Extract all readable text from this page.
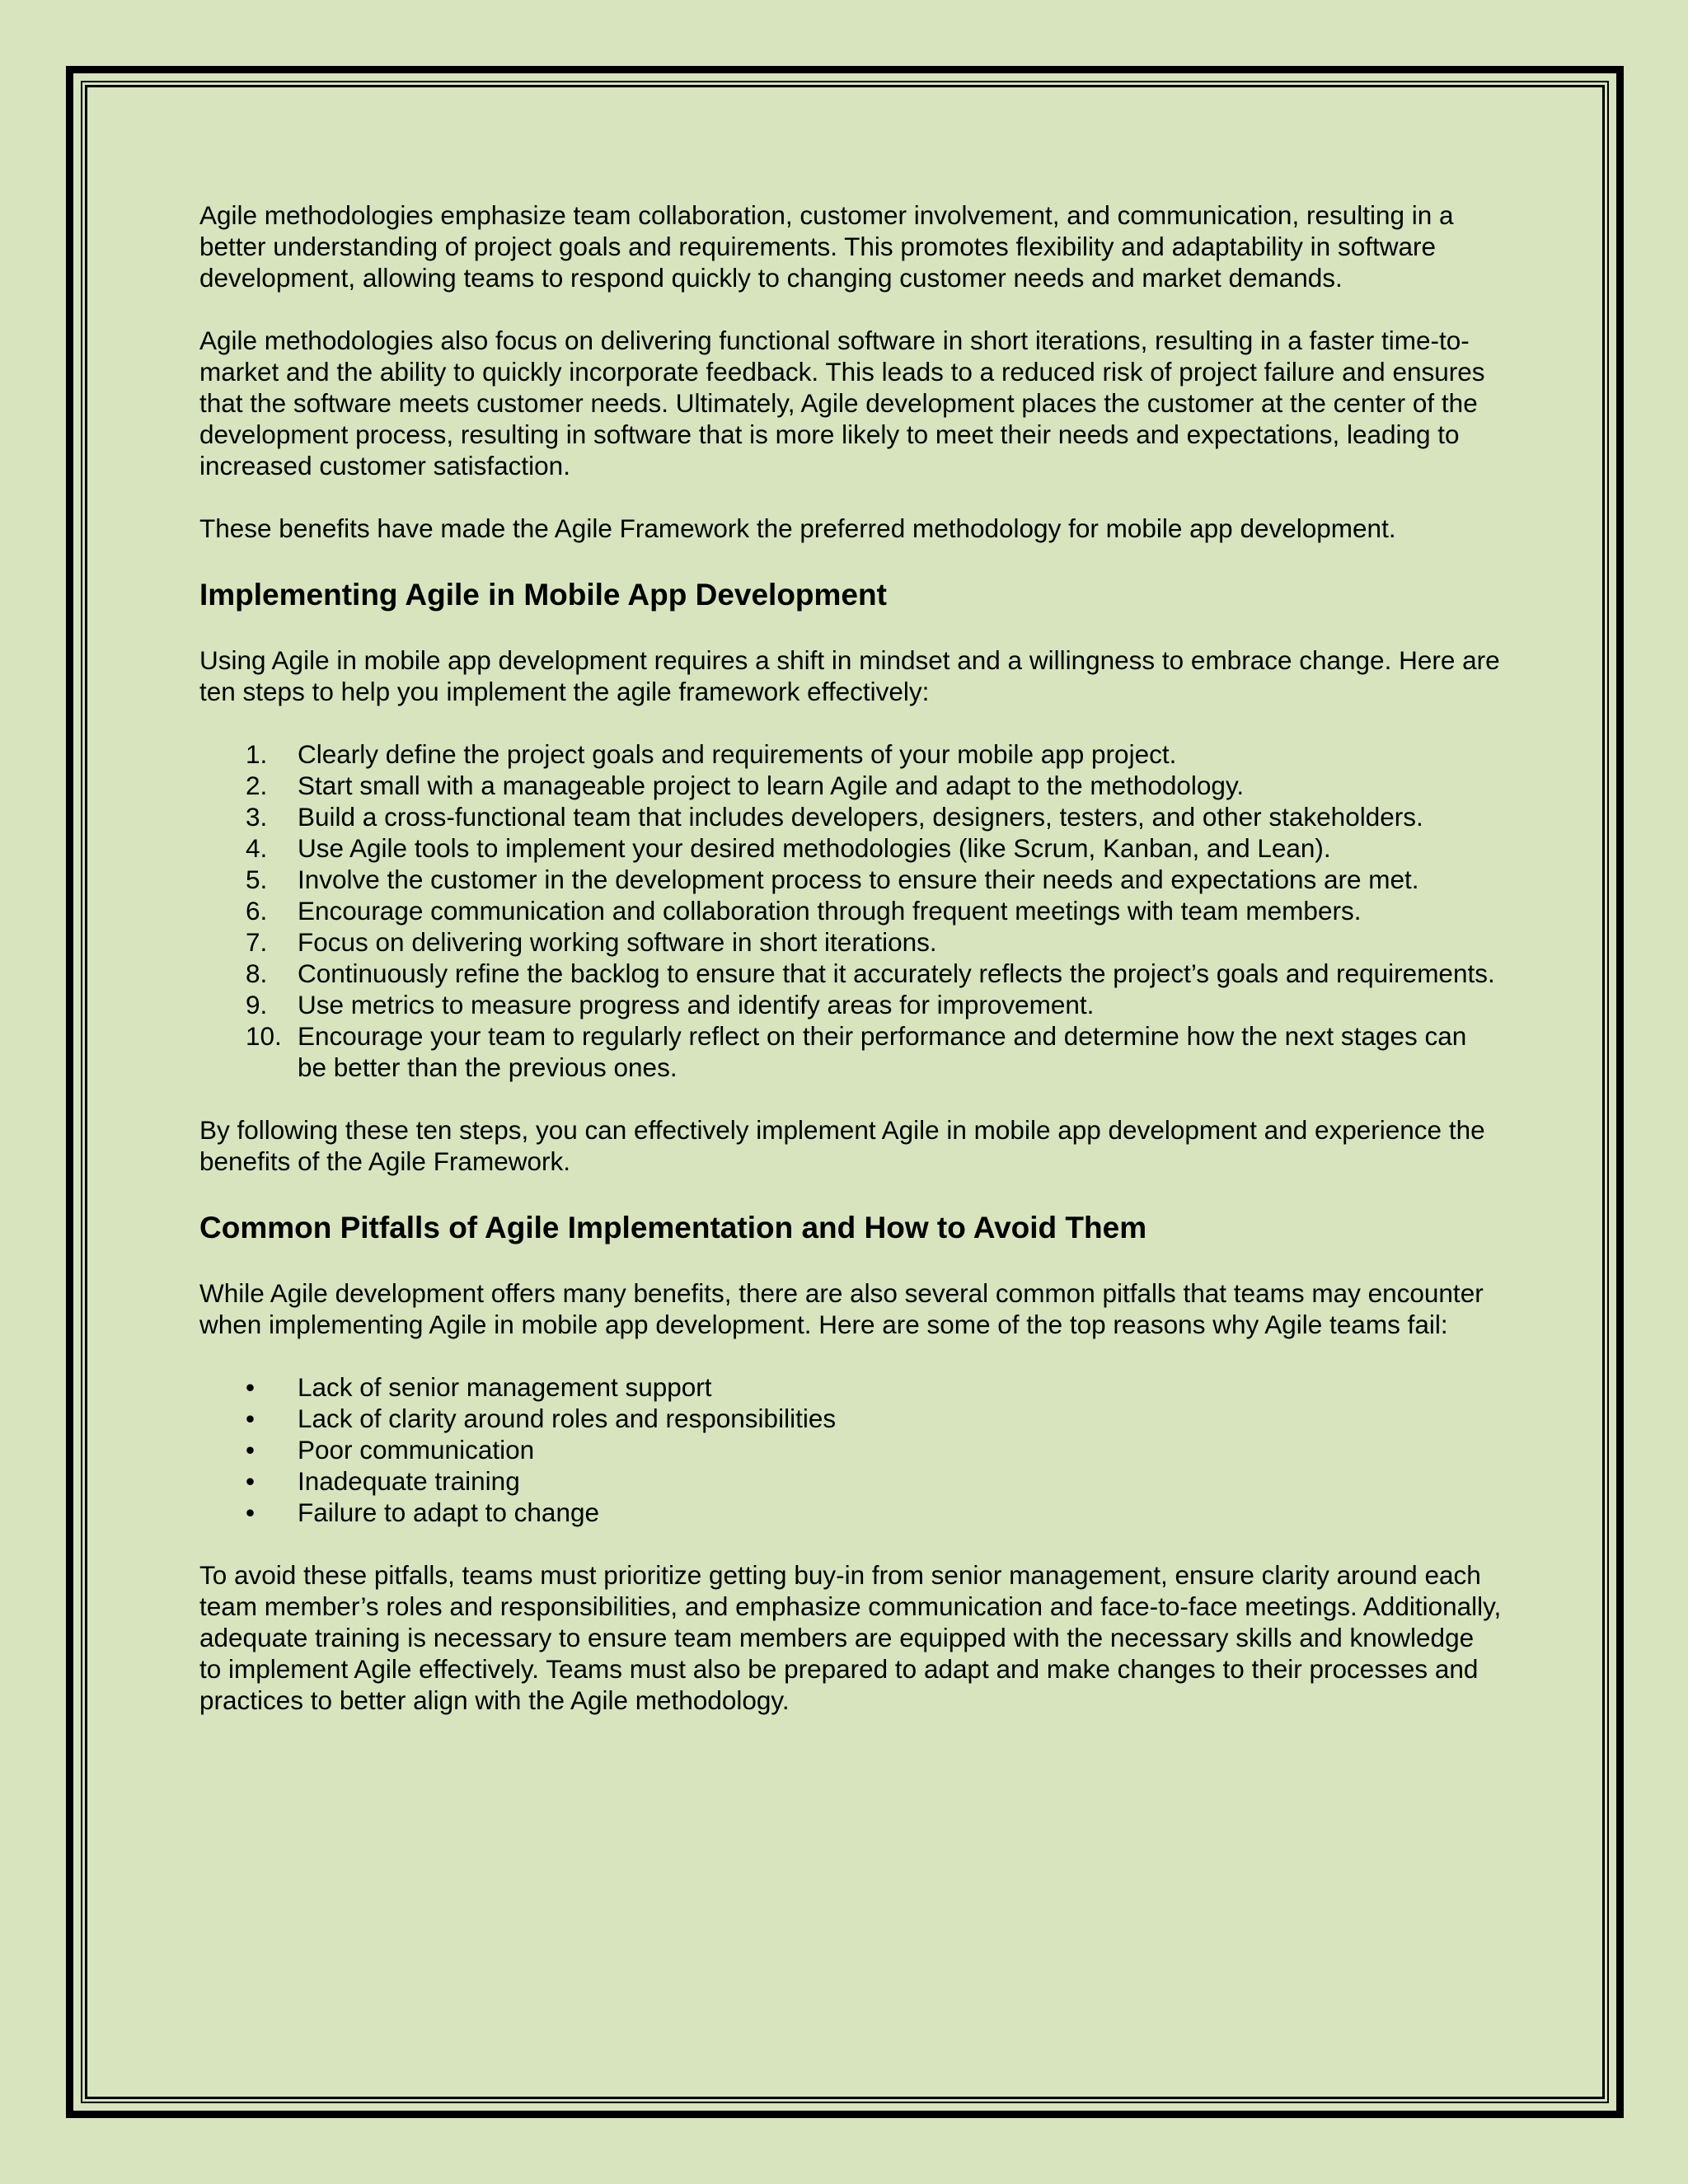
Agile methodologies emphasize team collaboration, customer involvement, and communication, resulting in a better understanding of project goals and requirements. This promotes flexibility and adaptability in software development, allowing teams to respond quickly to changing customer needs and market demands.

Agile methodologies also focus on delivering functional software in short iterations, resulting in a faster time-to-market and the ability to quickly incorporate feedback. This leads to a reduced risk of project failure and ensures that the software meets customer needs. Ultimately, Agile development places the customer at the center of the development process, resulting in software that is more likely to meet their needs and expectations, leading to increased customer satisfaction.

These benefits have made the Agile Framework the preferred methodology for mobile app development.

Implementing Agile in Mobile App Development

Using Agile in mobile app development requires a shift in mindset and a willingness to embrace change. Here are ten steps to help you implement the agile framework effectively:

1. Clearly define the project goals and requirements of your mobile app project.
2. Start small with a manageable project to learn Agile and adapt to the methodology.
3. Build a cross-functional team that includes developers, designers, testers, and other stakeholders.
4. Use Agile tools to implement your desired methodologies (like Scrum, Kanban, and Lean).
5. Involve the customer in the development process to ensure their needs and expectations are met.
6. Encourage communication and collaboration through frequent meetings with team members.
7. Focus on delivering working software in short iterations.
8. Continuously refine the backlog to ensure that it accurately reflects the project’s goals and requirements.
9. Use metrics to measure progress and identify areas for improvement.
10. Encourage your team to regularly reflect on their performance and determine how the next stages can be better than the previous ones.

By following these ten steps, you can effectively implement Agile in mobile app development and experience the benefits of the Agile Framework.

Common Pitfalls of Agile Implementation and How to Avoid Them

While Agile development offers many benefits, there are also several common pitfalls that teams may encounter when implementing Agile in mobile app development. Here are some of the top reasons why Agile teams fail:

• Lack of senior management support
• Lack of clarity around roles and responsibilities
• Poor communication
• Inadequate training
• Failure to adapt to change

To avoid these pitfalls, teams must prioritize getting buy-in from senior management, ensure clarity around each team member’s roles and responsibilities, and emphasize communication and face-to-face meetings. Additionally, adequate training is necessary to ensure team members are equipped with the necessary skills and knowledge to implement Agile effectively. Teams must also be prepared to adapt and make changes to their processes and practices to better align with the Agile methodology.
